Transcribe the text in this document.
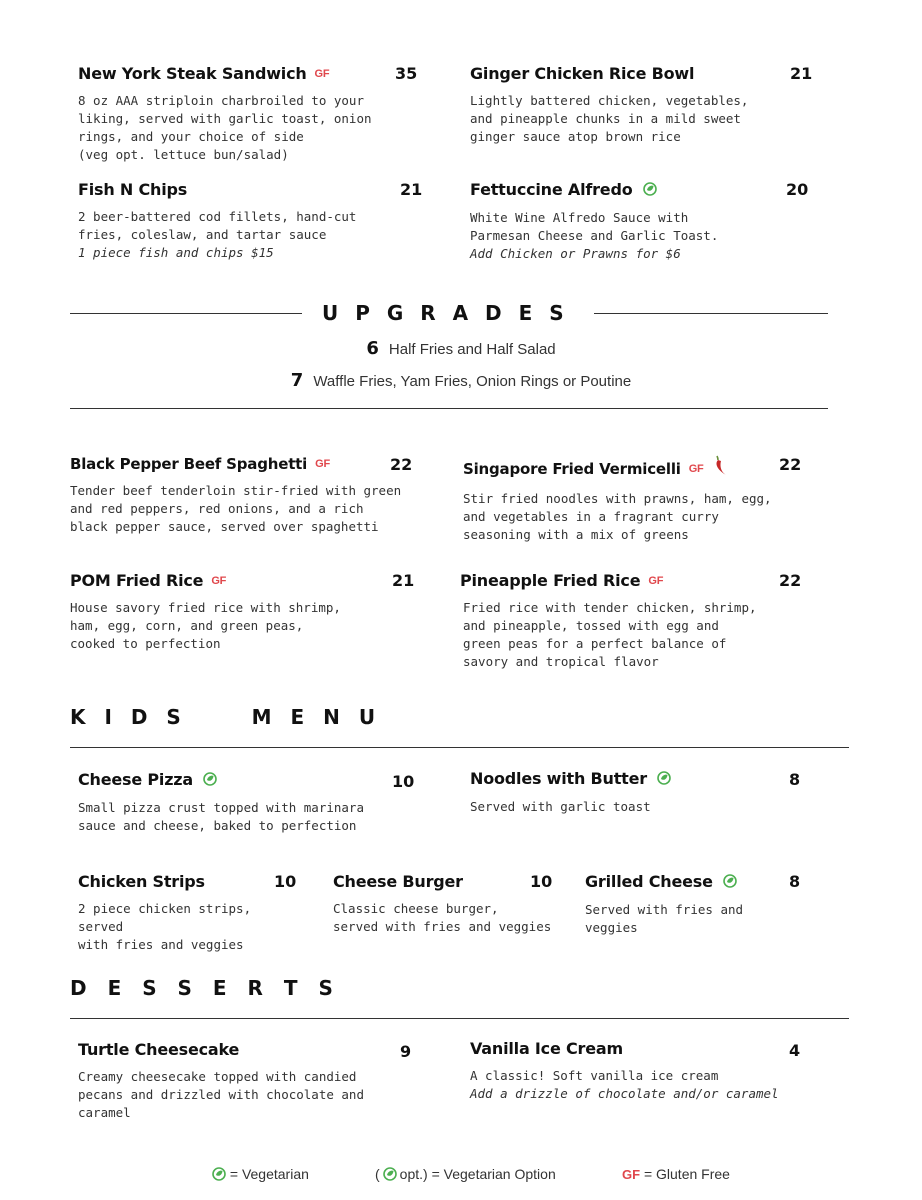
New York Steak Sandwich GF	35
8 oz AAA striploin charbroiled to your
liking, served with garlic toast, onion
rings, and your choice of side
(veg opt. lettuce bun/salad)
Ginger Chicken Rice Bowl	21
Lightly battered chicken, vegetables,
and pineapple chunks in a mild sweet
ginger sauce atop brown rice
Fish N Chips	21
2 beer-battered cod fillets, hand-cut
fries, coleslaw, and tartar sauce
1 piece fish and chips $15
Fettuccine Alfredo	20
White Wine Alfredo Sauce with
Parmesan Cheese and Garlic Toast.
Add Chicken or Prawns for $6
U P G R A D E S
6 Half Fries and Half Salad
7 Waffle Fries, Yam Fries, Onion Rings or Poutine
Black Pepper Beef Spaghetti GF	22
Tender beef tenderloin stir-fried with green
and red peppers, red onions, and a rich
black pepper sauce, served over spaghetti
Singapore Fried Vermicelli GF	22
Stir fried noodles with prawns, ham, egg,
and vegetables in a fragrant curry
seasoning with a mix of greens
POM Fried Rice GF	21
House savory fried rice with shrimp,
ham, egg, corn, and green peas,
cooked to perfection
Pineapple Fried Rice GF	22
Fried rice with tender chicken, shrimp,
and pineapple, tossed with egg and
green peas for a perfect balance of
savory and tropical flavor
K I D S     M E N U
Cheese Pizza	10
Small pizza crust topped with marinara
sauce and cheese, baked to perfection
Noodles with Butter	8
Served with garlic toast
Chicken Strips	10
2 piece chicken strips, served
with fries and veggies
Cheese Burger	10
Classic cheese burger,
served with fries and veggies
Grilled Cheese	8
Served with fries and
veggies
D E S S E R T S
Turtle Cheesecake	9
Creamy cheesecake topped with candied
pecans and drizzled with chocolate and
caramel
Vanilla Ice Cream	4
A classic! Soft vanilla ice cream
Add a drizzle of chocolate and/or caramel
= Vegetarian	( opt.) = Vegetarian Option	GF = Gluten Free
